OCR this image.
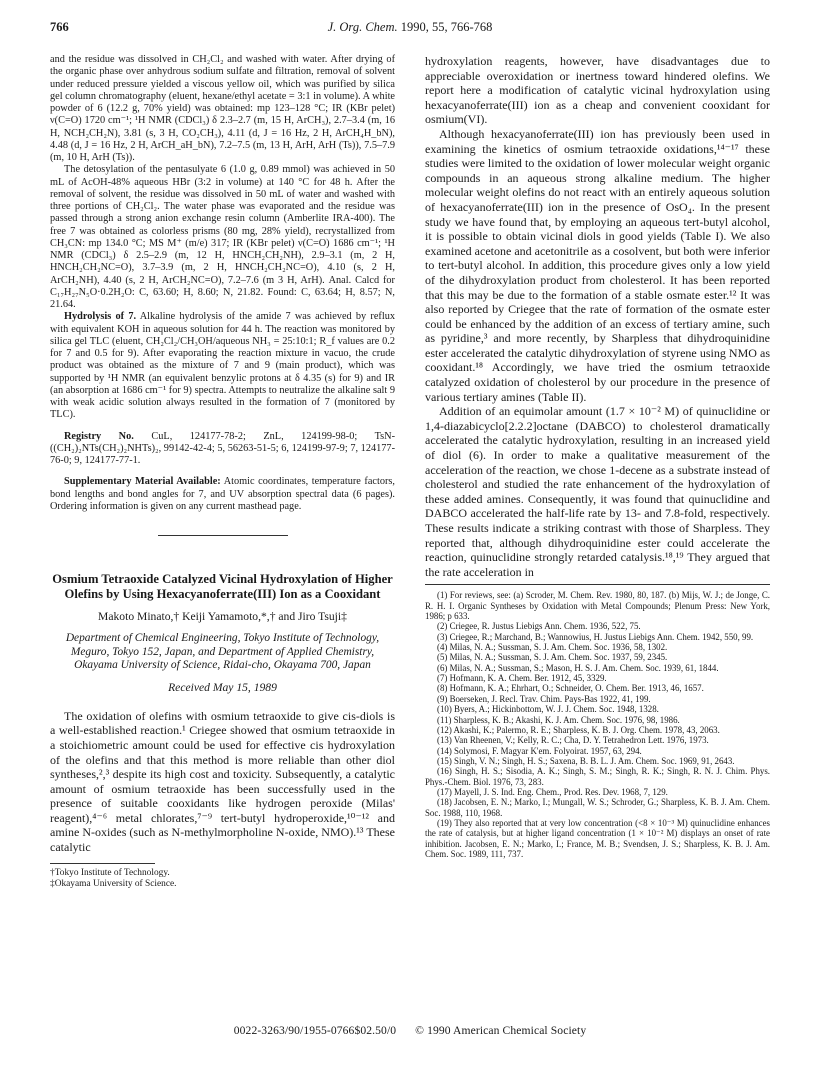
766	J. Org. Chem. 1990, 55, 766-768

and the residue was dissolved in CH₂Cl₂ and washed with water. After drying of the organic phase over anhydrous sodium sulfate and filtration, removal of solvent under reduced pressure yielded a viscous yellow oil, which was purified by silica gel column chromatography (eluent, hexane/ethyl acetate = 3:1 in volume). A white powder of 6 (12.2 g, 70% yield) was obtained: mp 123–128 °C; IR (KBr pelet) ν(C=O) 1720 cm⁻¹; ¹H NMR (CDCl₃) δ 2.3–2.7 (m, 15 H, ArCH₃), 2.7–3.4 (m, 16 H, NCH₂CH₂N), 3.81 (s, 3 H, CO₂CH₃), 4.11 (d, J = 16 Hz, 2 H, ArCH₄H_bN), 4.48 (d, J = 16 Hz, 2 H, ArCH_aH_bN), 7.2–7.5 (m, 13 H, ArH, ArH (Ts)), 7.5–7.9 (m, 10 H, ArH (Ts)).

The detosylation of the pentasulyate 6 (1.0 g, 0.89 mmol) was achieved in 50 mL of AcOH-48% aqueous HBr (3:2 in volume) at 140 °C for 48 h. After the removal of solvent, the residue was dissolved in 50 mL of water and washed with three portions of CH₂Cl₂. The water phase was evaporated and the residue was passed through a strong anion exchange resin column (Amberlite IRA-400). The free 7 was obtained as colorless prisms (80 mg, 28% yield), recrystallized from CH₃CN: mp 134.0 °C; MS M⁺ (m/e) 317; IR (KBr pelet) ν(C=O) 1686 cm⁻¹; ¹H NMR (CDCl₃) δ 2.5–2.9 (m, 12 H, HNCH₂CH₂NH), 2.9–3.1 (m, 2 H, HNCH₂CH₂NC=O), 3.7–3.9 (m, 2 H, HNCH₂CH₂NC=O), 4.10 (s, 2 H, ArCH₂NH), 4.40 (s, 2 H, ArCH₂NC=O), 7.2–7.6 (m 3 H, ArH). Anal. Calcd for C₁₇H₂₇N₅O·0.2H₂O: C, 63.60; H, 8.60; N, 21.82. Found: C, 63.64; H, 8.57; N, 21.64.

Hydrolysis of 7. Alkaline hydrolysis of the amide 7 was achieved by reflux with equivalent KOH in aqueous solution for 44 h. The reaction was monitored by silica gel TLC (eluent, CH₂Cl₂/CH₃OH/aqueous NH₃ = 25:10:1; R_f values are 0.2 for 7 and 0.5 for 9). After evaporating the reaction mixture in vacuo, the crude product was obtained as the mixture of 7 and 9 (main product), which was supported by ¹H NMR (an equivalent benzylic protons at δ 4.35 (s) for 9) and IR (an absorption at 1686 cm⁻¹ for 9) spectra. Attempts to neutralize the alkaline salt 9 with weak acidic solution always resulted in the formation of 7 (monitored by TLC).

Registry No. CuL, 124177-78-2; ZnL, 124199-98-0; TsN-((CH₂)₂NTs(CH₂)₂NHTs)₂, 99142-42-4; 5, 56263-51-5; 6, 124199-97-9; 7, 124177-76-0; 9, 124177-77-1.

Supplementary Material Available: Atomic coordinates, temperature factors, bond lengths and bond angles for 7, and UV absorption spectral data (6 pages). Ordering information is given on any current masthead page.

Osmium Tetraoxide Catalyzed Vicinal Hydroxylation of Higher Olefins by Using Hexacyanoferrate(III) Ion as a Cooxidant

Makoto Minato,† Keiji Yamamoto,*,† and Jiro Tsuji‡
Department of Chemical Engineering, Tokyo Institute of Technology, Meguro, Tokyo 152, Japan, and Department of Applied Chemistry, Okayama University of Science, Ridai-cho, Okayama 700, Japan
Received May 15, 1989

The oxidation of olefins with osmium tetraoxide to give cis-diols is a well-established reaction.¹ Criegee showed that osmium tetraoxide in a stoichiometric amount could be used for effective cis hydroxylation of the olefins and that this method is more reliable than other diol syntheses,²,³ despite its high cost and toxicity. Subsequently, a catalytic amount of osmium tetraoxide has been successfully used in the presence of suitable cooxidants like hydrogen peroxide (Milas' reagent),⁴⁻⁶ metal chlorates,⁷⁻⁹ tert-butyl hydroperoxide,¹⁰⁻¹² and amine N-oxides (such as N-methylmorpholine N-oxide, NMO).¹³ These catalytic

†Tokyo Institute of Technology.

‡Okayama University of Science.

hydroxylation reagents, however, have disadvantages due to appreciable overoxidation or inertness toward hindered olefins. We report here a modification of catalytic vicinal hydroxylation using hexacyanoferrate(III) ion as a cheap and convenient cooxidant for osmium(VI).

Although hexacyanoferrate(III) ion has previously been used in examining the kinetics of osmium tetraoxide oxidations,¹⁴⁻¹⁷ these studies were limited to the oxidation of lower molecular weight organic compounds in an aqueous strong alkaline medium. The higher molecular weight olefins do not react with an entirely aqueous solution of hexacyanoferrate(III) ion in the presence of OsO₄. In the present study we have found that, by employing an aqueous tert-butyl alcohol, it is possible to obtain vicinal diols in good yields (Table I). We also examined acetone and acetonitrile as a cosolvent, but both were inferior to tert-butyl alcohol. In addition, this procedure gives only a low yield of the dihydroxylation product from cholesterol. It has been reported that this may be due to the formation of a stable osmate ester.¹² It was also reported by Criegee that the rate of formation of the osmate ester could be enhanced by the addition of an excess of tertiary amine, such as pyridine,³ and more recently, by Sharpless that dihydroquinidine ester accelerated the catalytic dihydroxylation of styrene using NMO as cooxidant.¹⁸ Accordingly, we have tried the osmium tetraoxide catalyzed oxidation of cholesterol by our procedure in the presence of various tertiary amines (Table II).

Addition of an equimolar amount (1.7 × 10⁻² M) of quinuclidine or 1,4-diazabicyclo[2.2.2]octane (DABCO) to cholesterol dramatically accelerated the catalytic hydroxylation, resulting in an increased yield of diol (6). In order to make a qualitative measurement of the acceleration of the reaction, we chose 1-decene as a substrate instead of cholesterol and studied the rate enhancement of the hydroxylation of these added amines. Consequently, it was found that quinuclidine and DABCO accelerated the half-life rate by 13- and 7.8-fold, respectively. These results indicate a striking contrast with those of Sharpless. They reported that, although dihydroquinidine ester could accelerate the reaction, quinuclidine strongly retarded catalysis.¹⁸,¹⁹ They argued that the rate acceleration in

(1) For reviews, see: (a) Scroder, M. Chem. Rev. 1980, 80, 187. (b) Mijs, W. J.; de Jonge, C. R. H. I. Organic Syntheses by Oxidation with Metal Compounds; Plenum Press: New York, 1986; p 633.

(2) Criegee, R. Justus Liebigs Ann. Chem. 1936, 522, 75.

(3) Criegee, R.; Marchand, B.; Wannowius, H. Justus Liebigs Ann. Chem. 1942, 550, 99.

(4) Milas, N. A.; Sussman, S. J. Am. Chem. Soc. 1936, 58, 1302.

(5) Milas, N. A.; Sussman, S. J. Am. Chem. Soc. 1937, 59, 2345.

(6) Milas, N. A.; Sussman, S.; Mason, H. S. J. Am. Chem. Soc. 1939, 61, 1844.

(7) Hofmann, K. A. Chem. Ber. 1912, 45, 3329.

(8) Hofmann, K. A.; Ehrhart, O.; Schneider, O. Chem. Ber. 1913, 46, 1657.

(9) Boerseken, J. Recl. Trav. Chim. Pays-Bas 1922, 41, 199.

(10) Byers, A.; Hickinbottom, W. J. J. Chem. Soc. 1948, 1328.

(11) Sharpless, K. B.; Akashi, K. J. Am. Chem. Soc. 1976, 98, 1986.

(12) Akashi, K.; Palermo, R. E.; Sharpless, K. B. J. Org. Chem. 1978, 43, 2063.

(13) Van Rheenen, V.; Kelly, R. C.; Cha, D. Y. Tetrahedron Lett. 1976, 1973.

(14) Solymosi, F. Magyar K'em. Folyoirat. 1957, 63, 294.

(15) Singh, V. N.; Singh, H. S.; Saxena, B. B. L. J. Am. Chem. Soc. 1969, 91, 2643.

(16) Singh, H. S.; Sisodia, A. K.; Singh, S. M.; Singh, R. K.; Singh, R. N. J. Chim. Phys. Phys.-Chem. Biol. 1976, 73, 283.

(17) Mayell, J. S. Ind. Eng. Chem., Prod. Res. Dev. 1968, 7, 129.

(18) Jacobsen, E. N.; Marko, I.; Mungall, W. S.; Schroder, G.; Sharpless, K. B. J. Am. Chem. Soc. 1988, 110, 1968.

(19) They also reported that at very low concentration (<8 × 10⁻³ M) quinuclidine enhances the rate of catalysis, but at higher ligand concentration (1 × 10⁻² M) displays an onset of rate inhibition. Jacobsen, E. N.; Marko, I.; France, M. B.; Svendsen, J. S.; Sharpless, K. B. J. Am. Chem. Soc. 1989, 111, 737.

0022-3263/90/1955-0766$02.50/0 © 1990 American Chemical Society
